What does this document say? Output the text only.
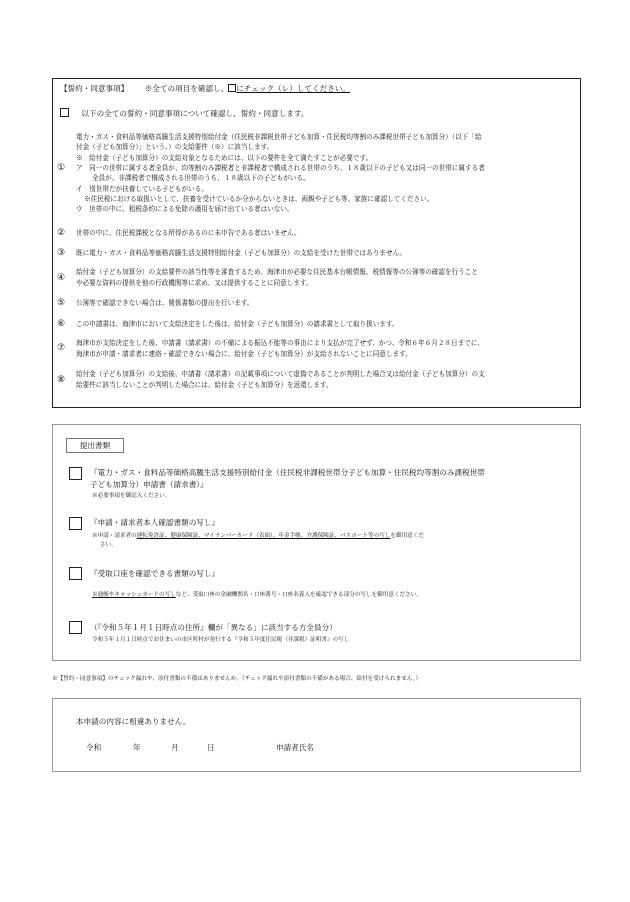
【誓約・同意事項】 ※全ての項目を確認し、 にチェック（レ）してください。
以下の全ての誓約・同意事項について確認し、誓約・同意します。
①
電力・ガス・食料品等価格高騰生活支援特別給付金（住民税非課税世帯子ども加算・住民税均等割のみ課税世帯子ども加算分）（以下「給
付金（子ども加算分）」という。）の支給要件（※）に該当します。
※　給付金（子ども加算分）の支給対象となるためには、以下の要件を全て満たすことが必要です。
ア　同一の世帯に属する者全員が、均等割のみ課税者と非課税者で構成される世帯のうち、１８歳以下の子ども又は同一の世帯に属する者
全員が、非課税者で構成される世帯のうち、１８歳以下の子どもがいる。
イ　別世帯だが扶養している子どもがいる。
※住民税における取扱いとして、扶養を受けているか分からないときは、両親や子ども等、家族に確認してください。
ウ　世帯の中に、租税条約による免除の適用を届け出ている者はいない。
② 世帯の中に、住民税課税となる所得があるのに未申告である者はいません。
③ 既に電力・ガス・食料品等価格高騰生活支援特別給付金（子ども加算分）の支給を受けた世帯ではありません。
④
給付金（子ども加算分）の支給要件の該当性等を審査するため、海津市が必要な住民基本台帳情報、税情報等の公簿等の確認を行うこと
や必要な資料の提供を他の行政機関等に求め、又は提供することに同意します。
⑤ 公簿等で確認できない場合は、関係書類の提出を行います。
⑥ この申請書は、海津市において支給決定をした後は、給付金（子ども加算分）の請求書として取り扱います。
⑦ 海津市が支給決定をした後、申請書（請求書）の不備による振込不能等の事由により支払が完了せず、かつ、令和６年６月２８日までに、
海津市が申請・請求者に連絡・確認できない場合に、給付金（子ども加算分）が支給されないことに同意します。
⑧
給付金（子ども加算分）の支給後、申請書（請求書）の記載事項について虚偽であることが判明した場合又は給付金（子ども加算分）の支
給要件に該当しないことが判明した場合には、給付金（子ども加算分）を返還します。
提出書類
『電力・ガス・食料品等価格高騰生活支援特別給付金（住民税非課税世帯分子ども加算・住民税均等割のみ課税世帯
子ども加算分）申請書（請求書）』
※必要事項を御記入ください。
『申請・請求者本人確認書類の写し』
※申請・請求者の運転免許証、健康保険証、マイナンバーカード（表面）、年金手帳、介護保険証、パスポート等の写しを御用意くだ
さい。
『受取口座を確認できる書類の写し』
※通帳やキャッシュカードの写しなど、受取口座の金融機関名・口座番号・口座名義人を確認できる部分の写しを御用意ください。
（『令和５年１月１日時点の住所』欄が「異なる」に該当する方全員分）
令和５年１月１日時点でお住まいの市区町村が発行する『令和５年度住民税（非課税）証明書』の写し
※【誓約・同意事項】のチェック漏れや、添付書類の不備はありませんか。（チェック漏れや添付書類の不備がある場合、給付を受けられません。）
本申請の内容に相違ありません。
令和	年	月	日	申請者氏名
